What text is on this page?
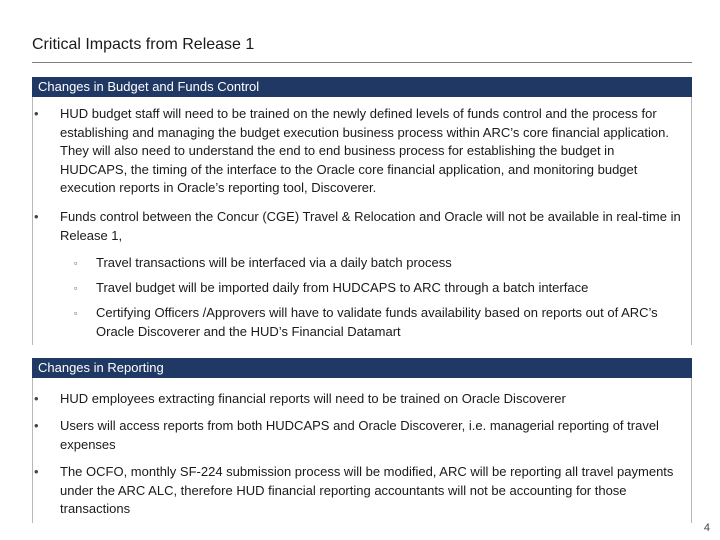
Critical Impacts from Release 1
Changes in Budget and Funds Control
•	HUD budget staff will need to be trained on the newly defined levels of funds control and the process for establishing and managing the budget execution business process within ARC’s core financial application. They will also need to understand the end to end business process for establishing the budget in HUDCAPS, the timing of the interface to the Oracle core financial application, and monitoring budget execution reports in Oracle’s reporting tool, Discoverer.
•	Funds control between the Concur (CGE) Travel & Relocation and Oracle will not be available in real-time in Release 1,
▫ Travel transactions will be interfaced via a daily batch process
▫ Travel budget will be imported daily from HUDCAPS to ARC through a batch interface
▫ Certifying Officers /Approvers will have to validate funds availability based on reports out of ARC’s Oracle Discoverer and the HUD’s Financial Datamart
Changes in Reporting
•	HUD employees extracting financial reports will need to be trained on Oracle Discoverer
•	Users will access reports from both HUDCAPS and Oracle Discoverer, i.e. managerial reporting of travel expenses
•	The OCFO, monthly SF-224 submission process will be modified, ARC will be reporting all travel payments under the ARC ALC, therefore HUD financial reporting accountants will not be accounting for those transactions
4
